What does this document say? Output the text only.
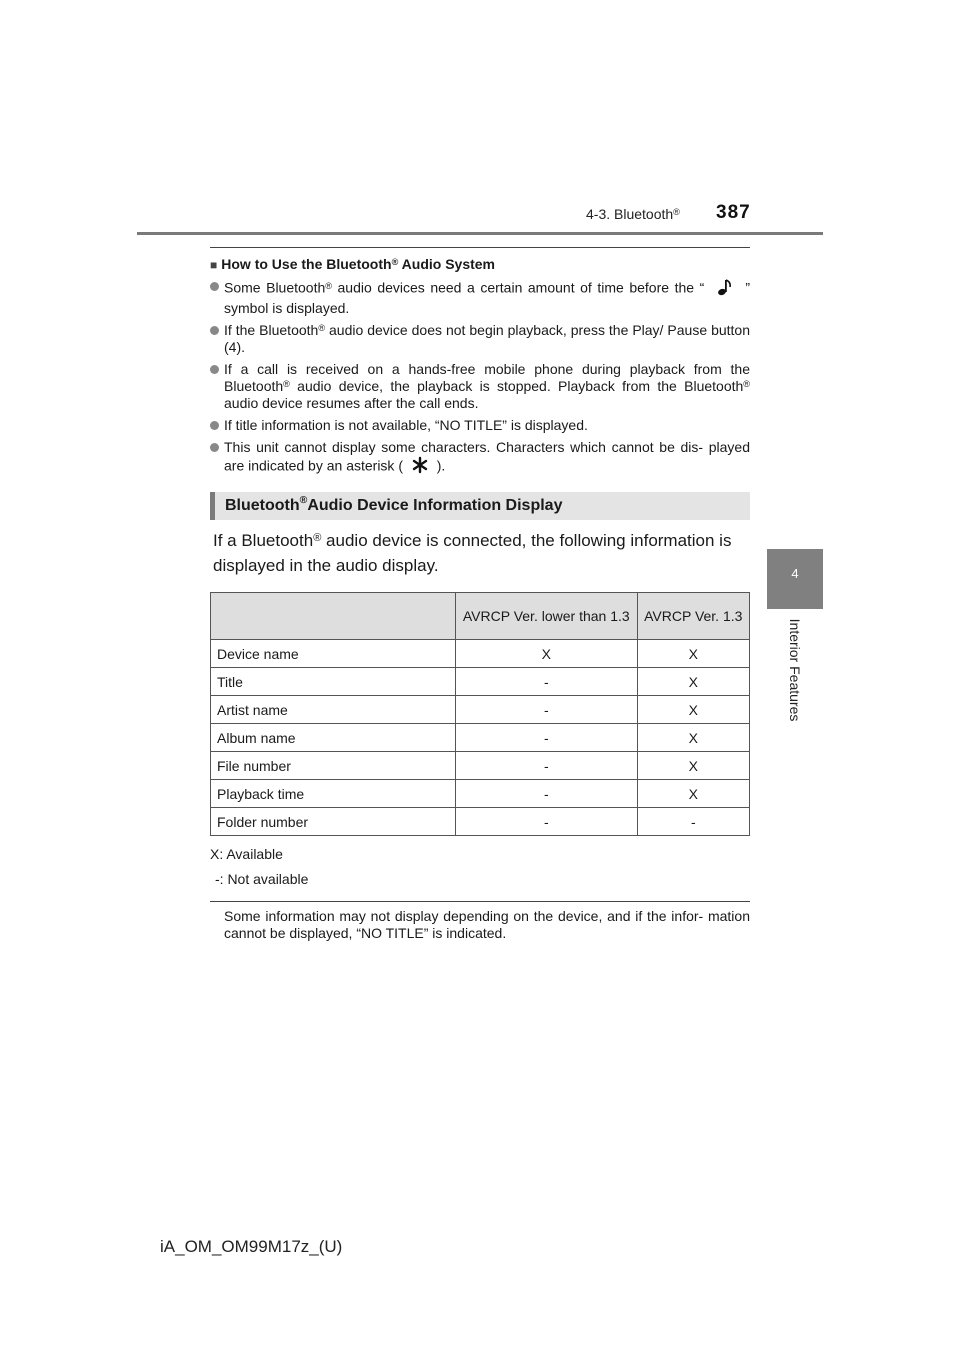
4-3. Bluetooth® 387
4
Interior Features
■ How to Use the Bluetooth® Audio System
Some Bluetooth® audio devices need a certain amount of time before the “	” symbol is displayed.
If the Bluetooth® audio device does not begin playback, press the Play/ Pause button (4).
If a call is received on a hands-free mobile phone during playback from the Bluetooth® audio device, the playback is stopped. Playback from the Bluetooth® audio device resumes after the call ends.
If title information is not available, “NO TITLE” is displayed.
This unit cannot display some characters. Characters which cannot be dis- played are indicated by an asterisk ( ).
Bluetooth® Audio Device Information Display
If a Bluetooth® audio device is connected, the following information is displayed in the audio display.
	AVRCP Ver. lower than 1.3	AVRCP Ver. 1.3
Device name	X	X
Title	-	X
Artist name	-	X
Album name	-	X
File number	-	X
Playback time	-	X
Folder number	-	-
X: Available
-: Not available
Some information may not display depending on the device, and if the infor- mation cannot be displayed, “NO TITLE” is indicated.
iA_OM_OM99M17z_(U)
